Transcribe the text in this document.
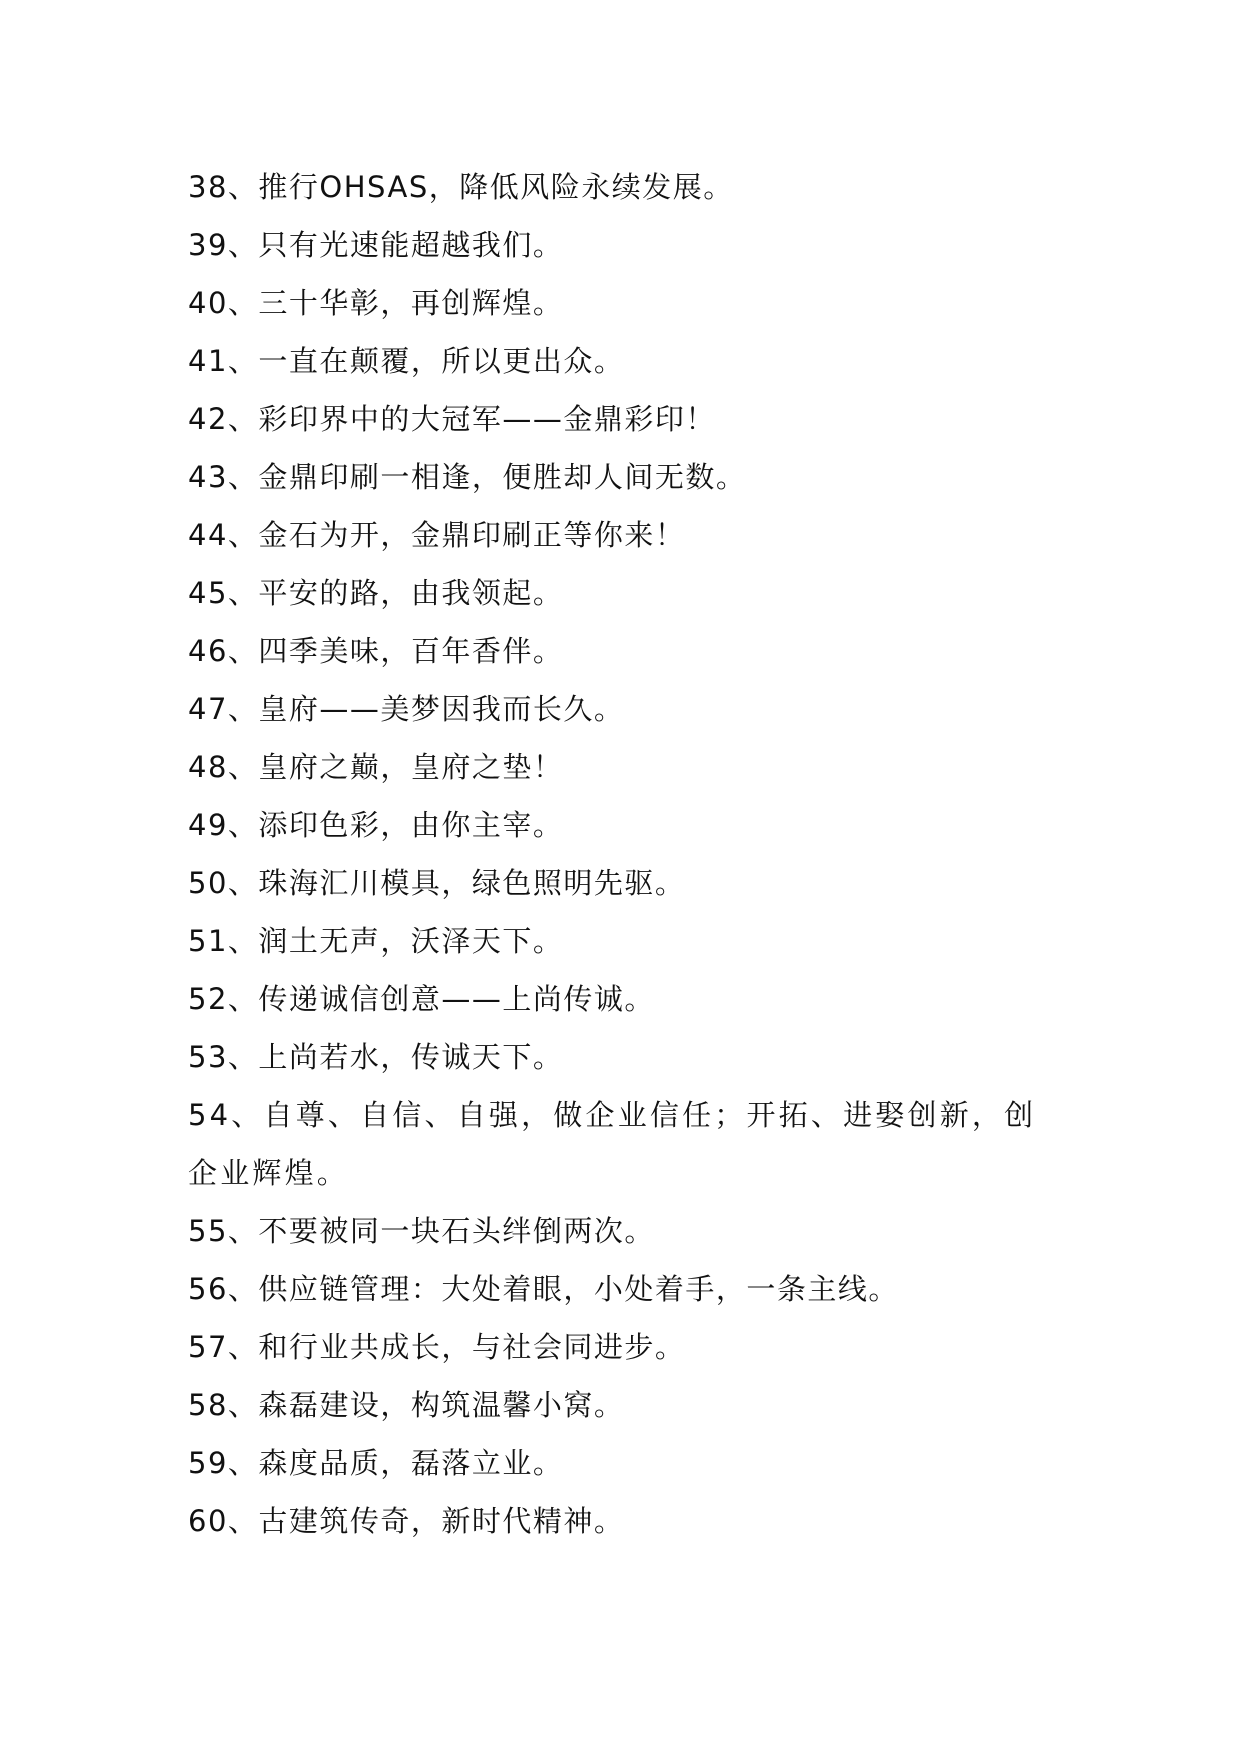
38、推行OHSAS，降低风险永续发展。
39、只有光速能超越我们。
40、三十华彰，再创辉煌。
41、一直在颠覆，所以更出众。
42、彩印界中的大冠军——金鼎彩印！
43、金鼎印刷一相逢，便胜却人间无数。
44、金石为开，金鼎印刷正等你来！
45、平安的路，由我领起。
46、四季美味，百年香伴。
47、皇府——美梦因我而长久。
48、皇府之巅，皇府之垫！
49、添印色彩，由你主宰。
50、珠海汇川模具，绿色照明先驱。
51、润土无声，沃泽天下。
52、传递诚信创意——上尚传诚。
53、上尚若水，传诚天下。
54、自尊、自信、自强，做企业信任；开拓、进娶创新，创企业辉煌。
55、不要被同一块石头绊倒两次。
56、供应链管理：大处着眼，小处着手，一条主线。
57、和行业共成长，与社会同进步。
58、森磊建设，构筑温馨小窝。
59、森度品质，磊落立业。
60、古建筑传奇，新时代精神。
